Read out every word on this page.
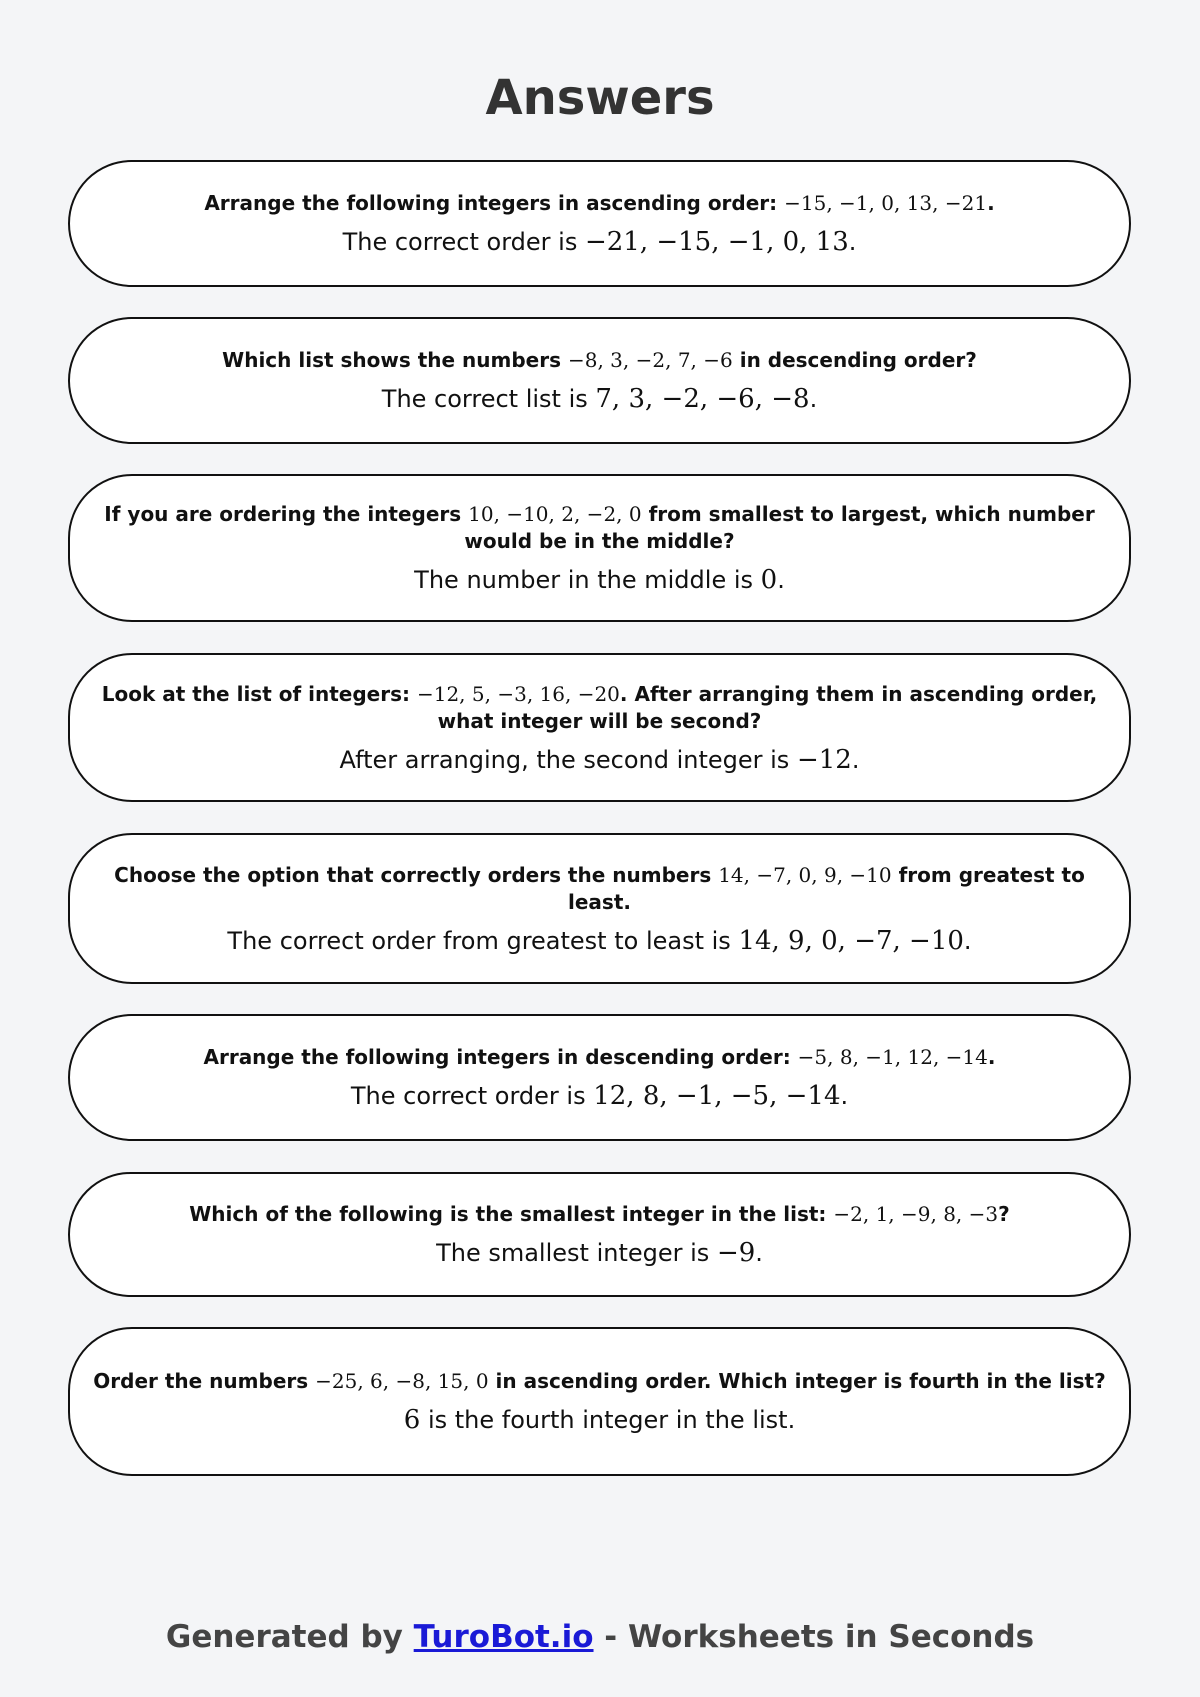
Answers

Arrange the following integers in ascending order: −15, −1, 0, 13, −21.

The correct order is −21, −15, −1, 0, 13.

Which list shows the numbers −8, 3, −2, 7, −6 in descending order?

The correct list is 7, 3, −2, −6, −8.

If you are ordering the integers 10, −10, 2, −2, 0 from smallest to largest, which number would be in the middle?

The number in the middle is 0.

Look at the list of integers: −12, 5, −3, 16, −20. After arranging them in ascending order, what integer will be second?

After arranging, the second integer is −12.

Choose the option that correctly orders the numbers 14, −7, 0, 9, −10 from greatest to least.

The correct order from greatest to least is 14, 9, 0, −7, −10.

Arrange the following integers in descending order: −5, 8, −1, 12, −14.

The correct order is 12, 8, −1, −5, −14.

Which of the following is the smallest integer in the list: −2, 1, −9, 8, −3?

The smallest integer is −9.

Order the numbers −25, 6, −8, 15, 0 in ascending order. Which integer is fourth in the list?

6 is the fourth integer in the list.

Generated by TuroBot.io - Worksheets in Seconds
